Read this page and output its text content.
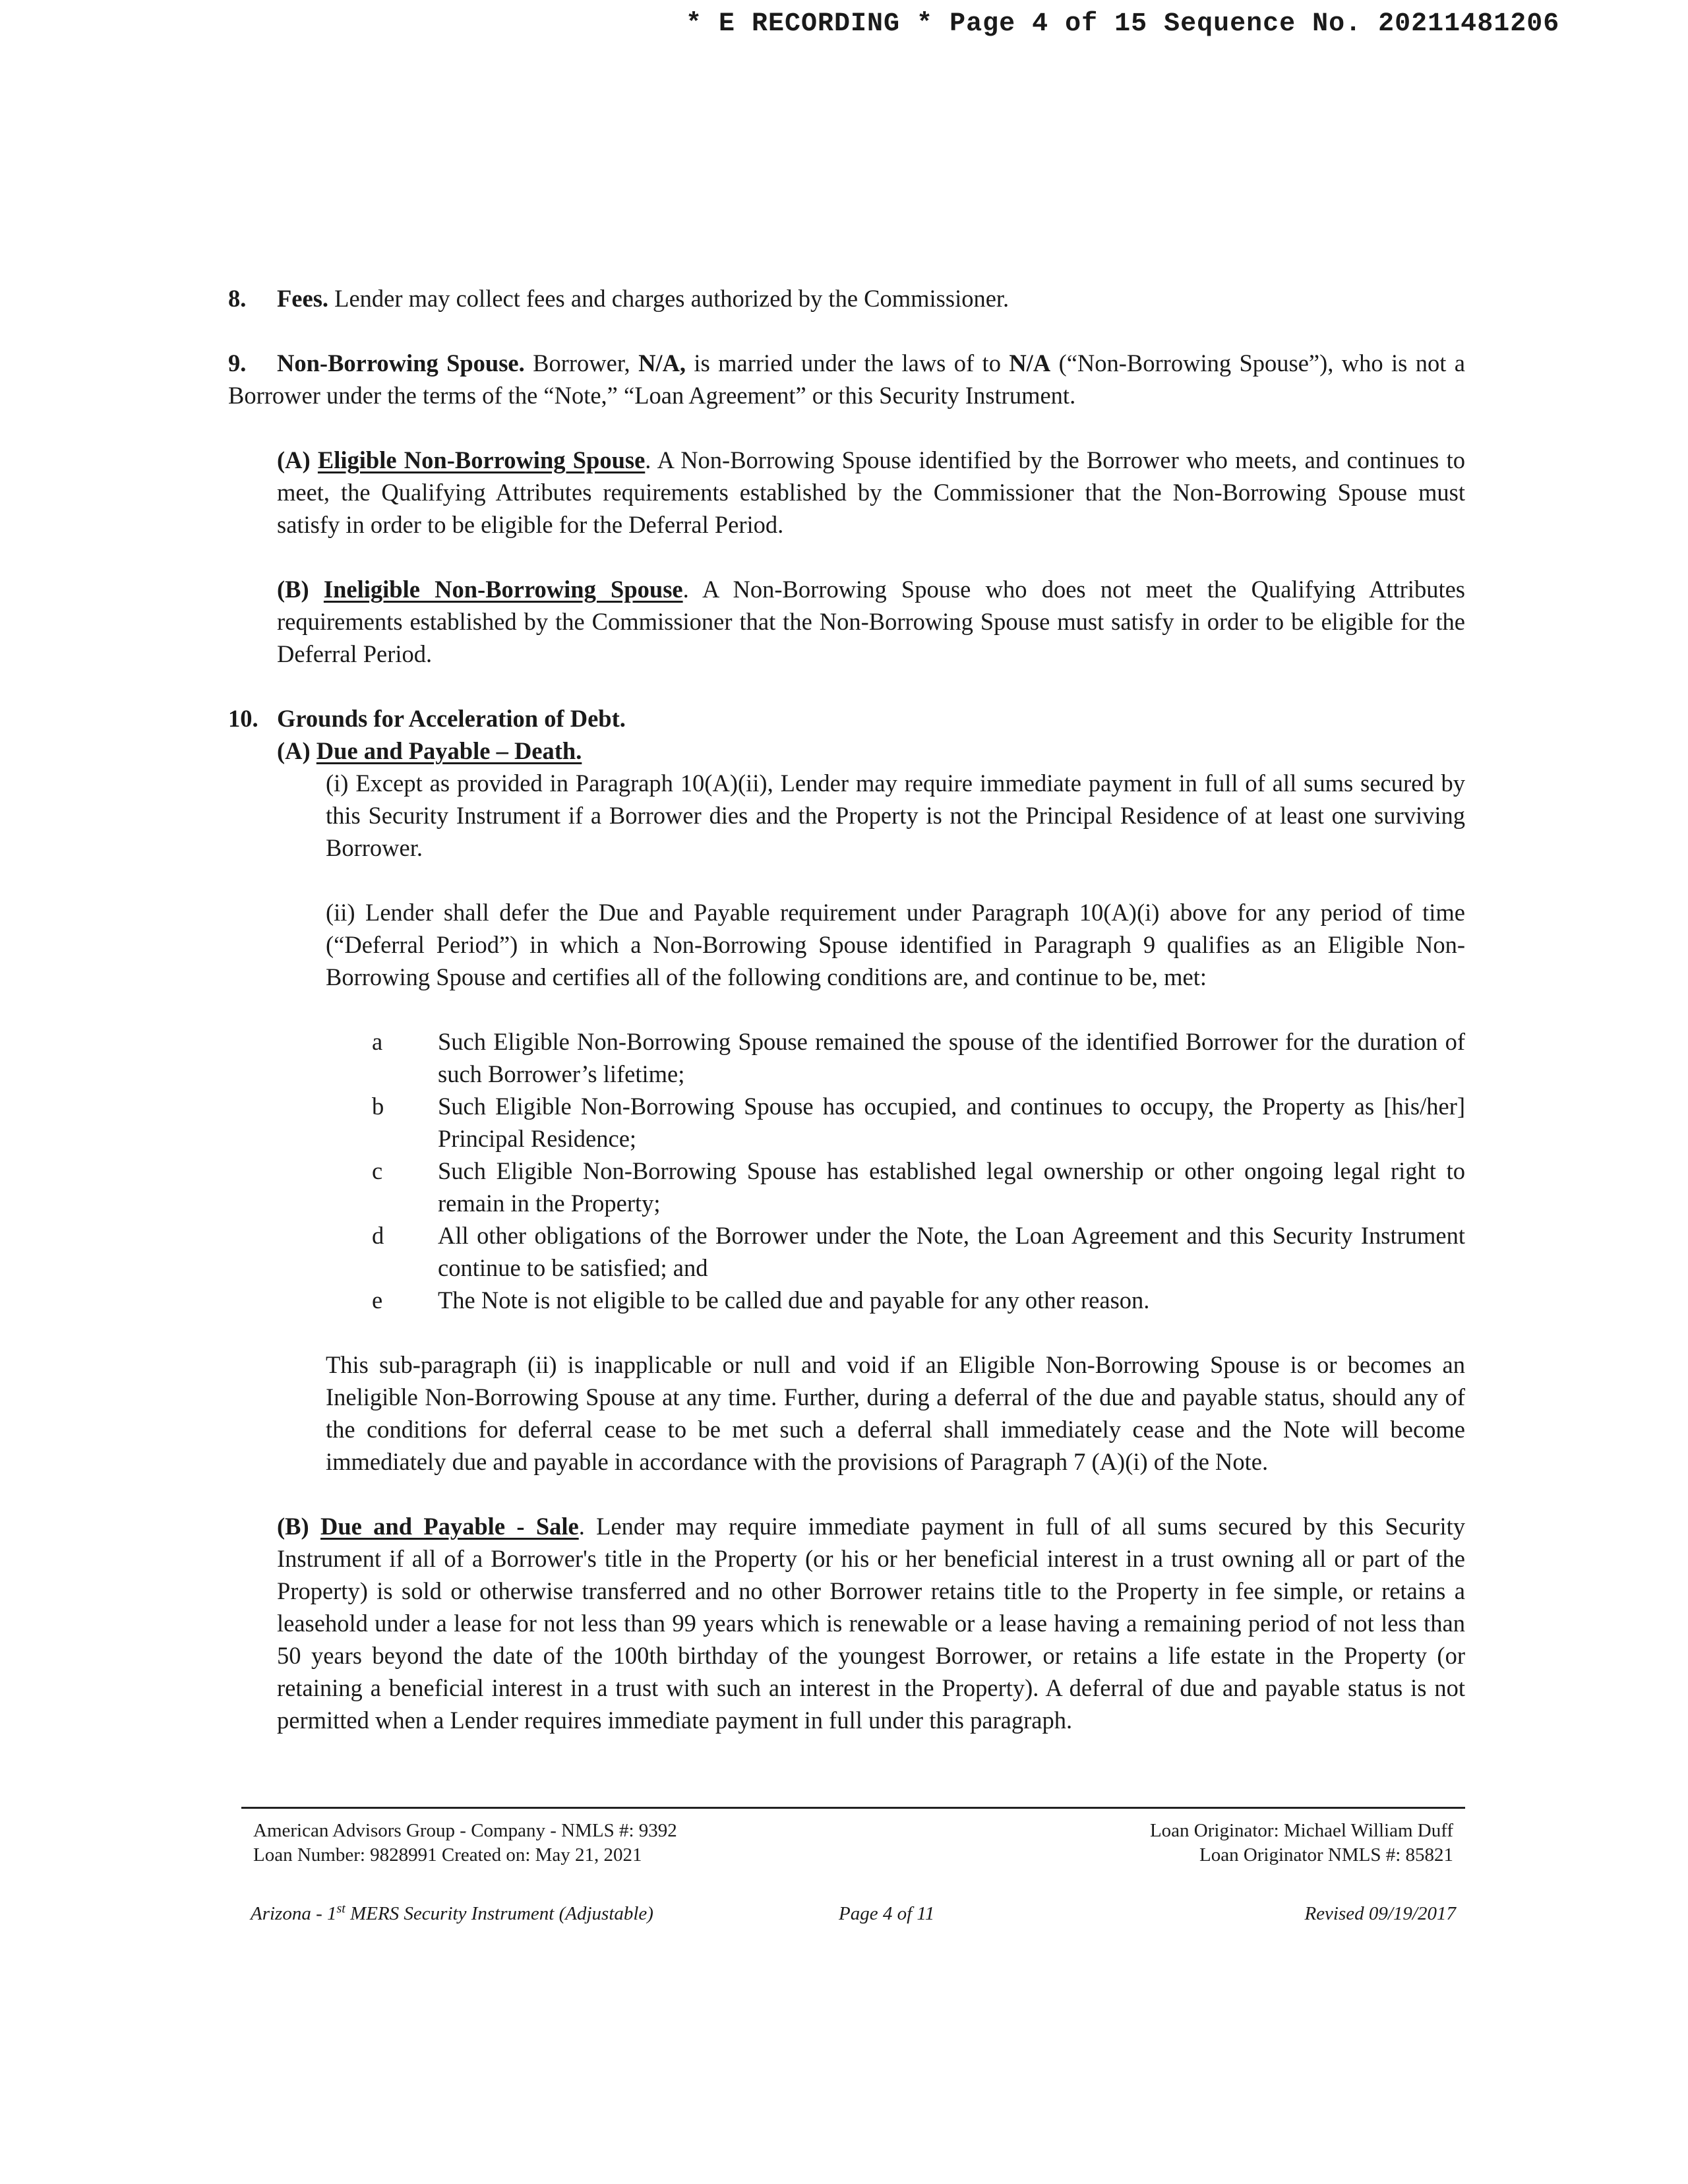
* E RECORDING * Page 4 of 15 Sequence No. 20211481206

8. Fees. Lender may collect fees and charges authorized by the Commissioner.

9. Non-Borrowing Spouse. Borrower, N/A, is married under the laws of to N/A (“Non-Borrowing Spouse”), who is not a Borrower under the terms of the “Note,” “Loan Agreement” or this Security Instrument.

(A) Eligible Non-Borrowing Spouse. A Non-Borrowing Spouse identified by the Borrower who meets, and continues to meet, the Qualifying Attributes requirements established by the Commissioner that the Non-Borrowing Spouse must satisfy in order to be eligible for the Deferral Period.

(B) Ineligible Non-Borrowing Spouse. A Non-Borrowing Spouse who does not meet the Qualifying Attributes requirements established by the Commissioner that the Non-Borrowing Spouse must satisfy in order to be eligible for the Deferral Period.

10. Grounds for Acceleration of Debt.

(A) Due and Payable – Death.

(i) Except as provided in Paragraph 10(A)(ii), Lender may require immediate payment in full of all sums secured by this Security Instrument if a Borrower dies and the Property is not the Principal Residence of at least one surviving Borrower.

(ii) Lender shall defer the Due and Payable requirement under Paragraph 10(A)(i) above for any period of time (“Deferral Period”) in which a Non-Borrowing Spouse identified in Paragraph 9 qualifies as an Eligible Non-Borrowing Spouse and certifies all of the following conditions are, and continue to be, met:

a	Such Eligible Non-Borrowing Spouse remained the spouse of the identified Borrower for the duration of such Borrower’s lifetime;
b	Such Eligible Non-Borrowing Spouse has occupied, and continues to occupy, the Property as [his/her] Principal Residence;
c	Such Eligible Non-Borrowing Spouse has established legal ownership or other ongoing legal right to remain in the Property;
d	All other obligations of the Borrower under the Note, the Loan Agreement and this Security Instrument continue to be satisfied; and
e	The Note is not eligible to be called due and payable for any other reason.

This sub-paragraph (ii) is inapplicable or null and void if an Eligible Non-Borrowing Spouse is or becomes an Ineligible Non-Borrowing Spouse at any time. Further, during a deferral of the due and payable status, should any of the conditions for deferral cease to be met such a deferral shall immediately cease and the Note will become immediately due and payable in accordance with the provisions of Paragraph 7 (A)(i) of the Note.

(B) Due and Payable - Sale. Lender may require immediate payment in full of all sums secured by this Security Instrument if all of a Borrower's title in the Property (or his or her beneficial interest in a trust owning all or part of the Property) is sold or otherwise transferred and no other Borrower retains title to the Property in fee simple, or retains a leasehold under a lease for not less than 99 years which is renewable or a lease having a remaining period of not less than 50 years beyond the date of the 100th birthday of the youngest Borrower, or retains a life estate in the Property (or retaining a beneficial interest in a trust with such an interest in the Property). A deferral of due and payable status is not permitted when a Lender requires immediate payment in full under this paragraph.

American Advisors Group - Company - NMLS #: 9392
Loan Number: 9828991 Created on: May 21, 2021
Loan Originator: Michael William Duff
Loan Originator NMLS #: 85821
Arizona - 1st MERS Security Instrument (Adjustable)	Page 4 of 11	Revised 09/19/2017
